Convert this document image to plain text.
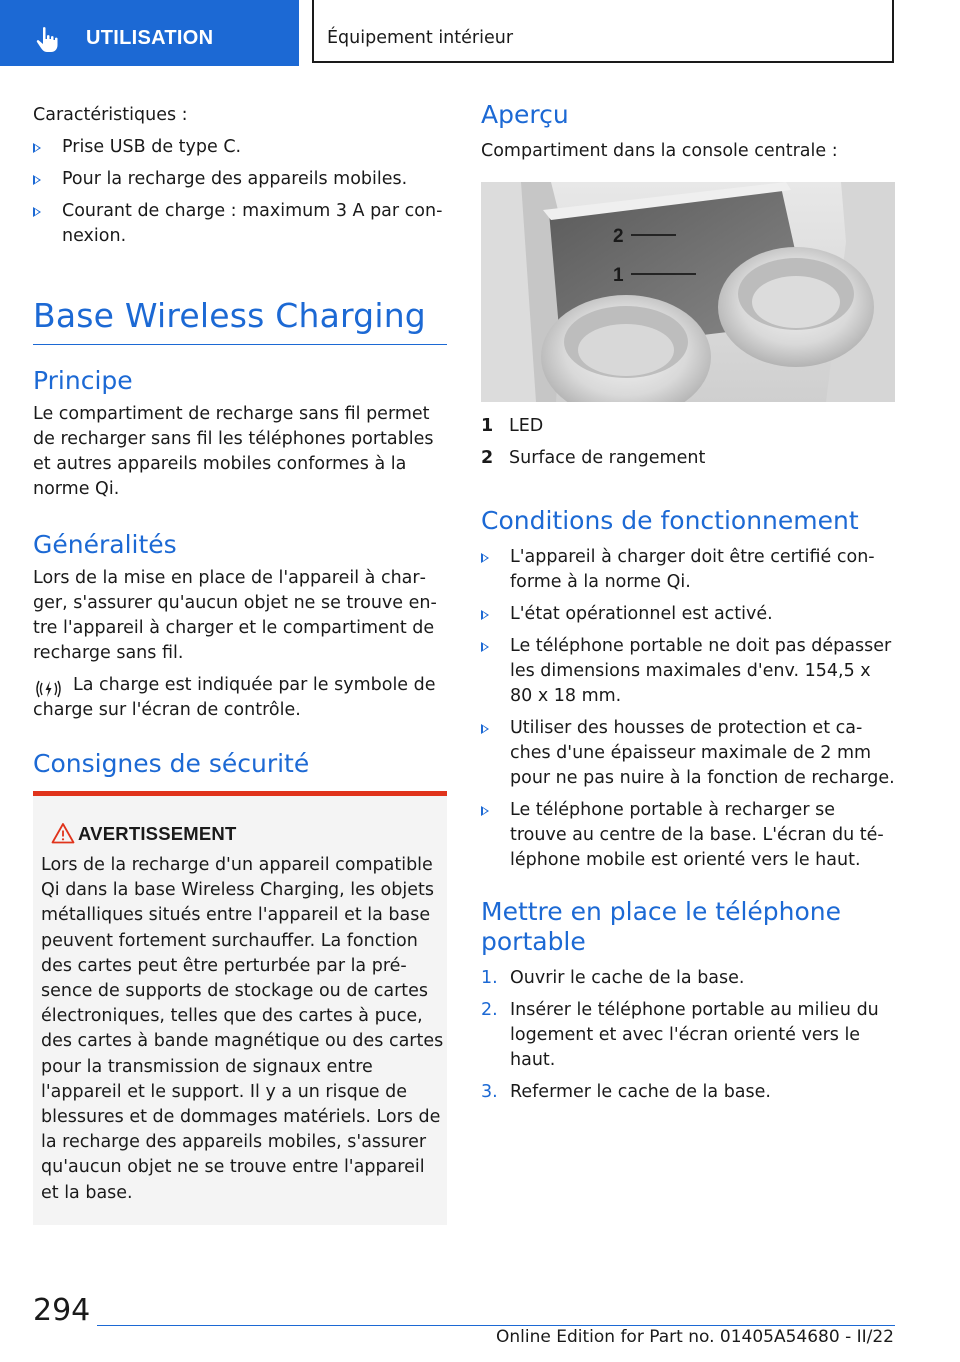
UTILISATION	Équipement intérieur

Caractéristiques :

Prise USB de type C.
Pour la recharge des appareils mobiles.
Courant de charge : maximum 3 A par connexion.
Base Wireless Charging
Principe

Le compartiment de recharge sans fil permet de recharger sans fil les téléphones portables et autres appareils mobiles conformes à la norme Qi.

Généralités

Lors de la mise en place de l'appareil à charger, s'assurer qu'aucun objet ne se trouve entre l'appareil à charger et le compartiment de recharge sans fil.

La charge est indiquée par le symbole de charge sur l'écran de contrôle.

Consignes de sécurité
AVERTISSEMENT

Lors de la recharge d'un appareil compatible Qi dans la base Wireless Charging, les objets métalliques situés entre l'appareil et la base peuvent fortement surchauffer. La fonction des cartes peut être perturbée par la présence de supports de stockage ou de cartes électroniques, telles que des cartes à puce, des cartes à bande magnétique ou des cartes pour la transmission de signaux entre l'appareil et le support. Il y a un risque de blessures et de dommages matériels. Lors de la recharge des appareils mobiles, s'assurer qu'aucun objet ne se trouve entre l'appareil et la base.

Aperçu

Compartiment dans la console centrale :

2
1
1 LED
2 Surface de rangement
Conditions de fonctionnement
L'appareil à charger doit être certifié conforme à la norme Qi.
L'état opérationnel est activé.
Le téléphone portable ne doit pas dépasser les dimensions maximales d'env. 154,5 x 80 x 18 mm.
Utiliser des housses de protection et caches d'une épaisseur maximale de 2 mm pour ne pas nuire à la fonction de recharge.
Le téléphone portable à recharger se trouve au centre de la base. L'écran du téléphone mobile est orienté vers le haut.
Mettre en place le téléphone portable
1. Ouvrir le cache de la base.
2. Insérer le téléphone portable au milieu du logement et avec l'écran orienté vers le haut.
3. Refermer le cache de la base.
294
Online Edition for Part no. 01405A54680 - II/22
